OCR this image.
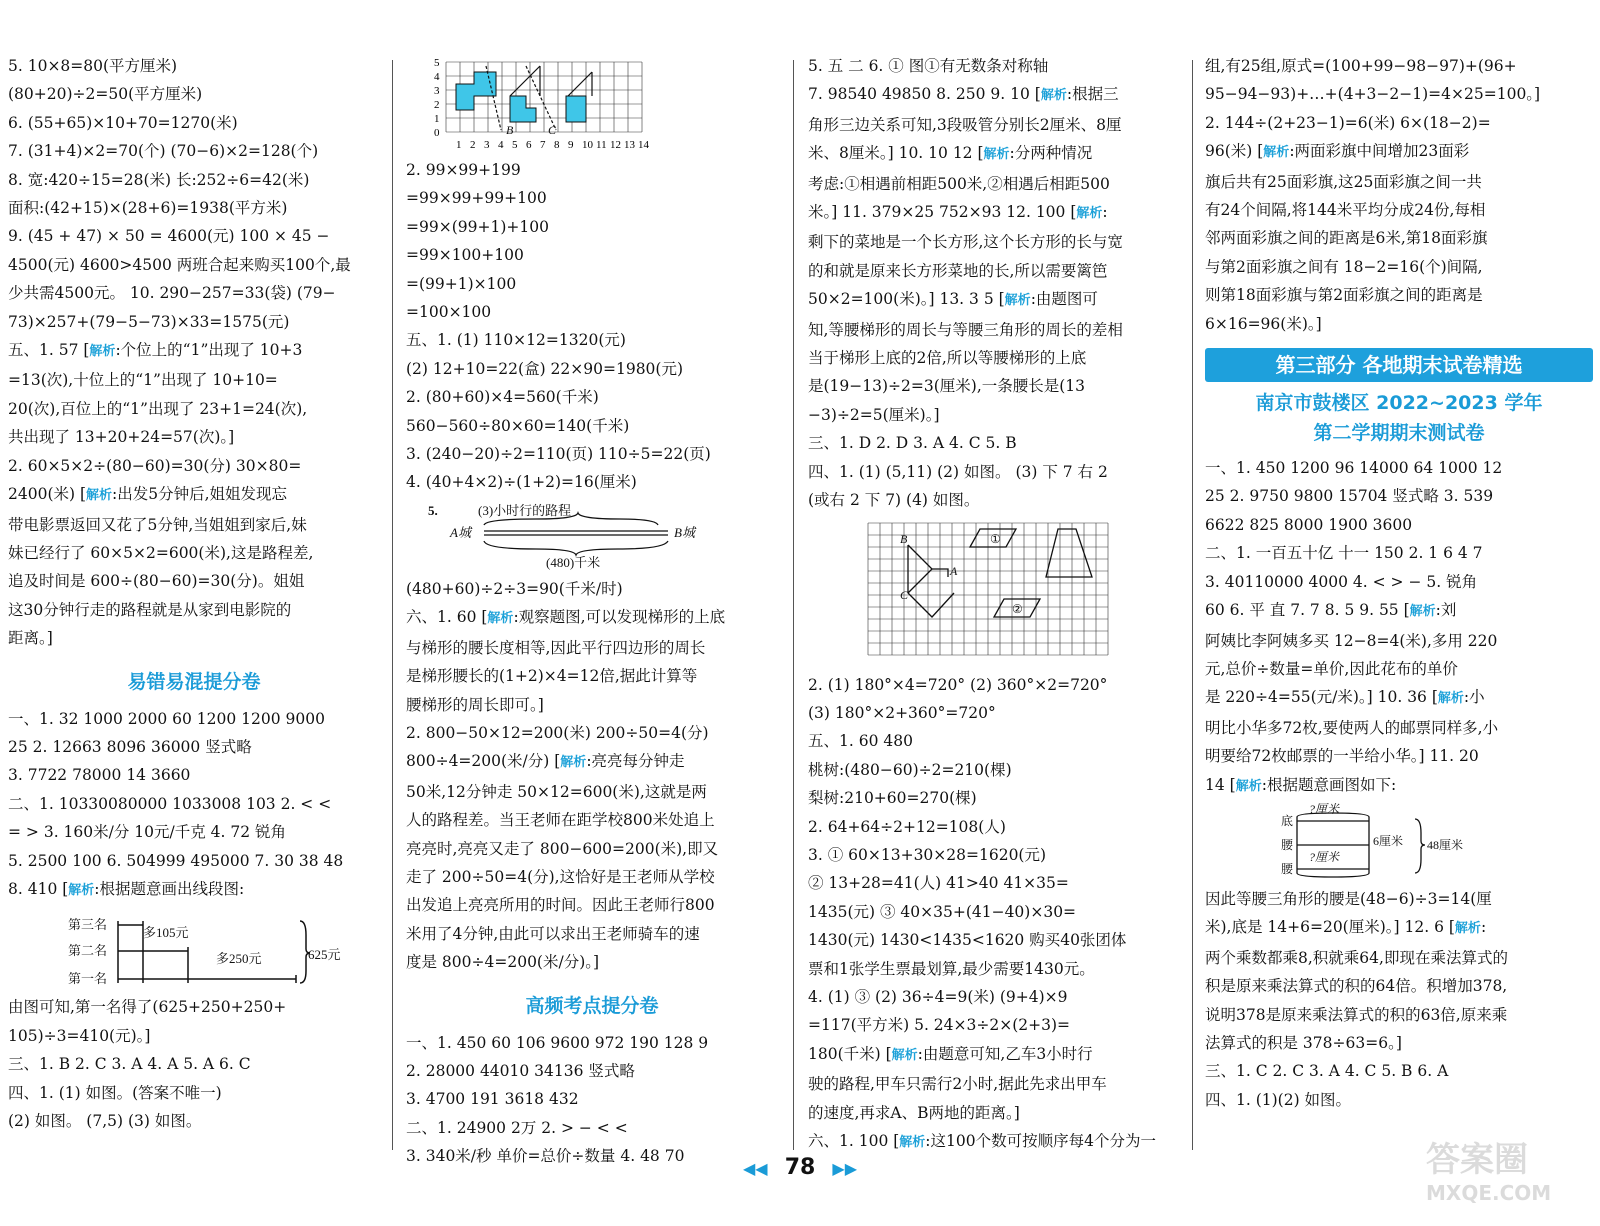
5. 10×8=80(平方厘米)
(80+20)÷2=50(平方厘米)
6. (55+65)×10+70=1270(米)
7. (31+4)×2=70(个) (70−6)×2=128(个)
8. 宽:420÷15=28(米) 长:252÷6=42(米)
面积:(42+15)×(28+6)=1938(平方米)
9. (45 + 47) × 50 = 4600(元) 100 × 45 −
4500(元) 4600>4500 两班合起来购买100个,最
少共需4500元。 10. 290−257=33(袋) (79−
73)×257+(79−5−73)×33=1575(元)
五、1. 57 [解析:个位上的“1”出现了 10+3
=13(次),十位上的“1”出现了 10+10=
20(次),百位上的“1”出现了 23+1=24(次),
共出现了 13+20+24=57(次)。]
2. 60×5×2÷(80−60)=30(分) 30×80=
2400(米) [解析:出发5分钟后,姐姐发现忘
带电影票返回又花了5分钟,当姐姐到家后,妹
妹已经行了 60×5×2=600(米),这是路程差,
追及时间是 600÷(80−60)=30(分)。姐姐
这30分钟行走的路程就是从家到电影院的
距离。]
易错易混提分卷
一、1. 32 1000 2000 60 1200 1200 9000
25 2. 12663 8096 36000 竖式略
3. 7722 78000 14 3660
二、1. 10330080000 1033008 103 2. < <
= > 3. 160米/分 10元/千克 4. 72 锐角
5. 2500 100 6. 504999 495000 7. 30 38 48
8. 410 [解析:根据题意画出线段图:
第三名
第二名
第一名
多105元
多250元	625元
由图可知,第一名得了(625+250+250+
105)÷3=410(元)。]
三、1. B 2. C 3. A 4. A 5. A 6. C
四、1. (1) 如图。(答案不唯一)
(2) 如图。 (7,5) (3) 如图。
B	C
5
4
3
2
1
0
1 2 3 4 5 6 7 8 9 10 11 12 13 14
2. 99×99+199
=99×99+99+100
=99×(99+1)+100
=99×100+100
=(99+1)×100
=100×100
五、1. (1) 110×12=1320(元)
(2) 12+10=22(盒) 22×90=1980(元)
2. (80+60)×4=560(千米)
560−560÷80×60=140(千米)
3. (240−20)÷2=110(页) 110÷5=22(页)
4. (40+4×2)÷(1+2)=16(厘米)
5.	(3)小时行的路程
A城	B城
(480)千米
(480+60)÷2÷3=90(千米/时)
六、1. 60 [解析:观察题图,可以发现梯形的上底
与梯形的腰长度相等,因此平行四边形的周长
是梯形腰长的(1+2)×4=12倍,据此计算等
腰梯形的周长即可。]
2. 800−50×12=200(米) 200÷50=4(分)
800÷4=200(米/分) [解析:亮亮每分钟走
50米,12分钟走 50×12=600(米),这就是两
人的路程差。当王老师在距学校800米处追上
亮亮时,亮亮又走了 800−600=200(米),即又
走了 200÷50=4(分),这恰好是王老师从学校
出发追上亮亮所用的时间。因此王老师行800
米用了4分钟,由此可以求出王老师骑车的速
度是 800÷4=200(米/分)。]
高频考点提分卷
一、1. 450 60 106 9600 972 190 128 9
2. 28000 44010 34136 竖式略
3. 4700 191 3618 432
二、1. 24900 2万 2. > − < <
3. 340米/秒 单价=总价÷数量 4. 48 70
5. 五 二 6. ① 图①有无数条对称轴
7. 98540 49850 8. 250 9. 10 [解析:根据三
角形三边关系可知,3段吸管分别长2厘米、8厘
米、8厘米。] 10. 10 12 [解析:分两种情况
考虑:①相遇前相距500米,②相遇后相距500
米。] 11. 379×25 752×93 12. 100 [解析:
剩下的菜地是一个长方形,这个长方形的长与宽
的和就是原来长方形菜地的长,所以需要篱笆
50×2=100(米)。] 13. 3 5 [解析:由题图可
知,等腰梯形的周长与等腰三角形的周长的差相
当于梯形上底的2倍,所以等腰梯形的上底
是(19−13)÷2=3(厘米),一条腰长是(13
−3)÷2=5(厘米)。]
三、1. D 2. D 3. A 4. C 5. B
四、1. (1) (5,11) (2) 如图。 (3) 下 7 右 2
(或右 2 下 7) (4) 如图。
B
A
C
①
②
2. (1) 180°×4=720° (2) 360°×2=720°
(3) 180°×2+360°=720°
五、1. 60 480
桃树:(480−60)÷2=210(棵)
梨树:210+60=270(棵)
2. 64+64÷2+12=108(人)
3. ① 60×13+30×28=1620(元)
② 13+28=41(人) 41>40 41×35=
1435(元) ③ 40×35+(41−40)×30=
1430(元) 1430<1435<1620 购买40张团体
票和1张学生票最划算,最少需要1430元。
4. (1) ③ (2) 36÷4=9(米) (9+4)×9
=117(平方米) 5. 24×3÷2×(2+3)=
180(千米) [解析:由题意可知,乙车3小时行
驶的路程,甲车只需行2小时,据此先求出甲车
的速度,再求A、B两地的距离。]
六、1. 100 [解析:这100个数可按顺序每4个分为一
组,有25组,原式=(100+99−98−97)+(96+
95−94−93)+…+(4+3−2−1)=4×25=100。]
2. 144÷(2+23−1)=6(米) 6×(18−2)=
96(米) [解析:两面彩旗中间增加23面彩
旗后共有25面彩旗,这25面彩旗之间一共
有24个间隔,将144米平均分成24份,每相
邻两面彩旗之间的距离是6米,第18面彩旗
与第2面彩旗之间有 18−2=16(个)间隔,
则第18面彩旗与第2面彩旗之间的距离是
6×16=96(米)。]
第三部分 各地期末试卷精选
南京市鼓楼区 2022~2023 学年
第二学期期末测试卷
一、1. 450 1200 96 14000 64 1000 12
25 2. 9750 9800 15704 竖式略 3. 539
6622 825 8000 1900 3600
二、1. 一百五十亿 十一 150 2. 1 6 4 7
3. 40110000 4000 4. < > − 5. 锐角
60 6. 平 直 7. 7 8. 5 9. 55 [解析:刘
阿姨比李阿姨多买 12−8=4(米),多用 220
元,总价÷数量=单价,因此花布的单价
是 220÷4=55(元/米)。] 10. 36 [解析:小
明比小华多72枚,要使两人的邮票同样多,小
明要给72枚邮票的一半给小华。] 11. 20
14 [解析:根据题意画图如下:
底
腰
腰
?厘米
6厘米
?厘米
48厘米
因此等腰三角形的腰是(48−6)÷3=14(厘
米),底是 14+6=20(厘米)。] 12. 6 [解析:
两个乘数都乘8,积就乘64,即现在乘法算式的
积是原来乘法算式的积的64倍。积增加378,
说明378是原来乘法算式的积的63倍,原来乘
法算式的积是 378÷63=6。]
三、1. C 2. C 3. A 4. C 5. B 6. A
四、1. (1)(2) 如图。
◀◀ 78 ▶▶	答案圈
MXQE.COM
